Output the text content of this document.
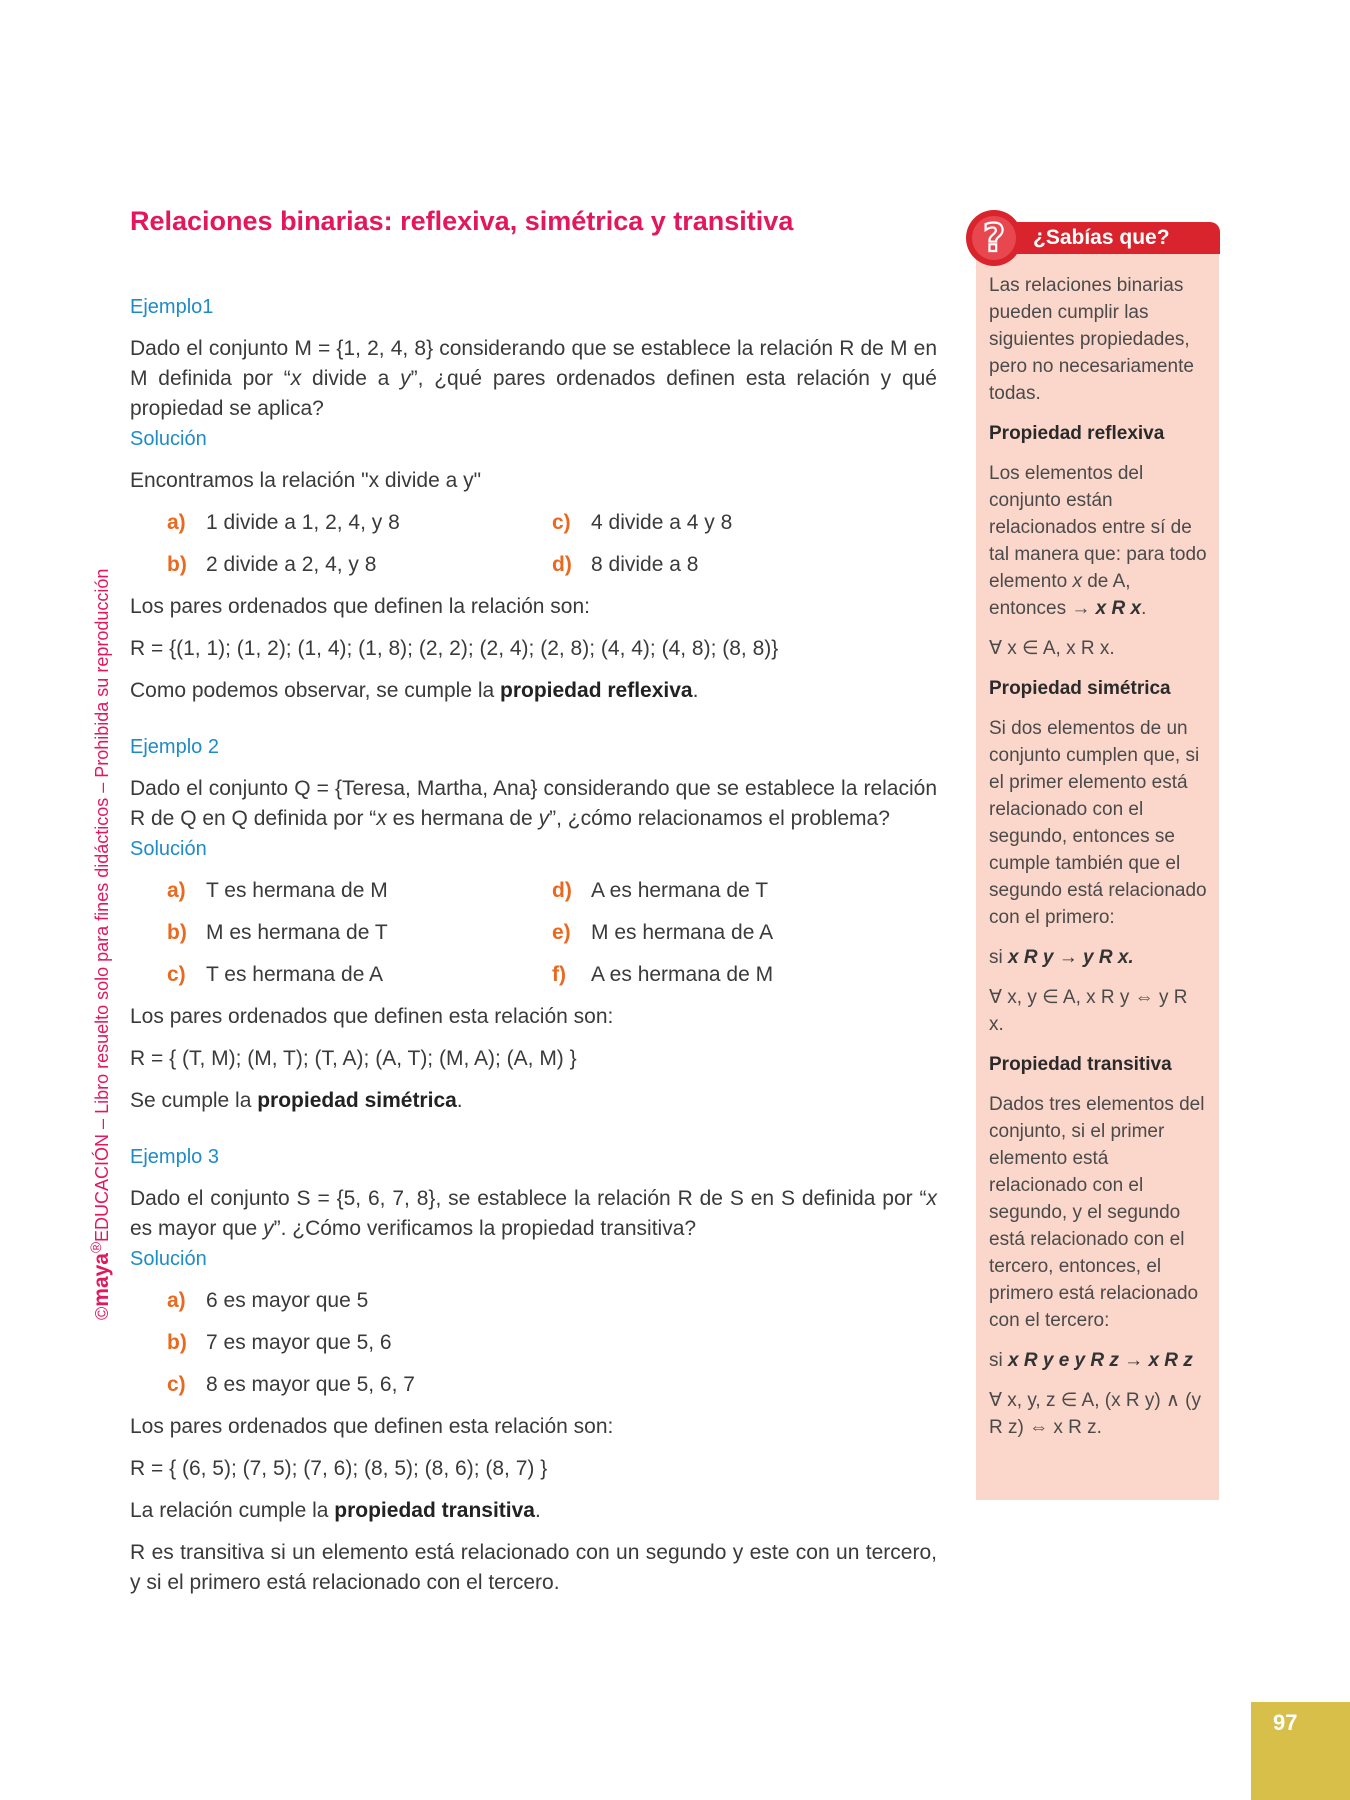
Relaciones binarias: reflexiva, simétrica y transitiva
©maya®EDUCACIÓN – Libro resuelto solo para fines didácticos – Prohibida su reproducción

Ejemplo1

Dado el conjunto M = {1, 2, 4, 8} considerando que se establece la relación R de M en M definida por “x divide a y”, ¿qué pares ordenados definen esta relación y qué propiedad se aplica?

Solución

Encontramos la relación "x divide a y"

a) 1 divide a 1, 2, 4, y 8	c) 4 divide a 4 y 8
b) 2 divide a 2, 4, y 8	d) 8 divide a 8

Los pares ordenados que definen la relación son:

R = {(1, 1); (1, 2); (1, 4); (1, 8); (2, 2); (2, 4); (2, 8); (4, 4); (4, 8); (8, 8)}

Como podemos observar, se cumple la propiedad reflexiva.

Ejemplo 2

Dado el conjunto Q = {Teresa, Martha, Ana} considerando que se establece la relación R de Q en Q definida por “x es hermana de y”, ¿cómo relacionamos el problema?

Solución

a) T es hermana de M	d) A es hermana de T
b) M es hermana de T	e) M es hermana de A
c) T es hermana de A	f)	A es hermana de M

Los pares ordenados que definen esta relación son:

R = { (T, M); (M, T); (T, A); (A, T); (M, A); (A, M) }

Se cumple la propiedad simétrica.

Ejemplo 3

Dado el conjunto S = {5, 6, 7, 8}, se establece la relación R de S en S definida por “x es mayor que y”. ¿Cómo verificamos la propiedad transitiva?

Solución

a) 6 es mayor que 5
b) 7 es mayor que 5, 6
c) 8 es mayor que 5, 6, 7

Los pares ordenados que definen esta relación son:

R = { (6, 5); (7, 5); (7, 6); (8, 5); (8, 6); (8, 7) }

La relación cumple la propiedad transitiva.

R es transitiva si un elemento está relacionado con un segundo y este con un tercero, y si el primero está relacionado con el tercero.

Las relaciones binarias pueden cumplir las siguientes propiedades, pero no necesariamente todas.

Propiedad reflexiva

Los elementos del conjunto están relacionados entre sí de tal manera que: para todo elemento x de A, entonces → x R x.

∀ x ∈ A, x R x.

Propiedad simétrica

Si dos elementos de un conjunto cumplen que, si el primer elemento está relacionado con el segundo, entonces se cumple también que el segundo está relacionado con el primero:

si x R y → y R x.

∀ x, y ∈ A, x R y ⇔ y R x.

Propiedad transitiva

Dados tres elementos del conjunto, si el primer elemento está relacionado con el segundo, y el segundo está relacionado con el tercero, entonces, el primero está relacionado con el tercero:

si x R y e y R z → x R z

∀ x, y, z ∈ A, (x R y) ∧ (y R z) ⇔ x R z.

¿Sabías que?
?
97
